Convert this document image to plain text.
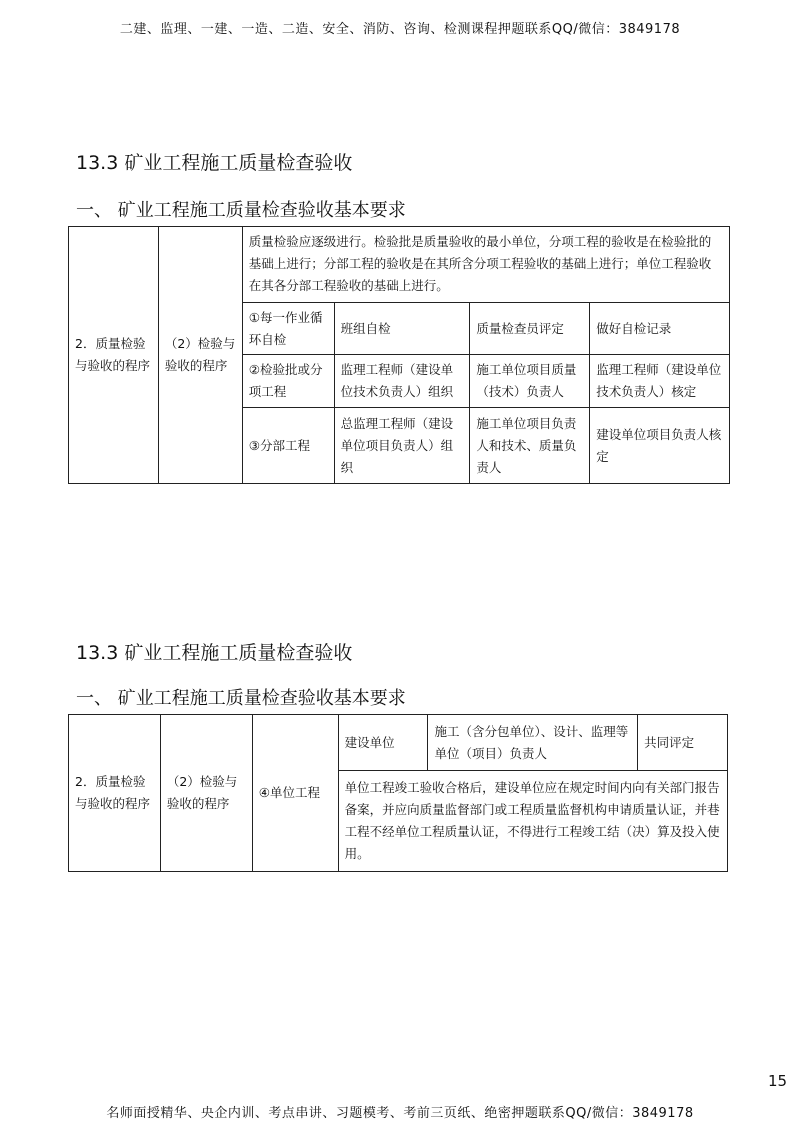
二建、监理、一建、一造、二造、安全、消防、咨询、检测课程押题联系QQ/微信：3849178
13.3 矿业工程施工质量检查验收
一、 矿业工程施工质量检查验收基本要求
2．质量检验与验收的程序	（2）检验与验收的程序	质量检验应逐级进行。检验批是质量验收的最小单位，分项工程的验收是在检验批的基础上进行；分部工程的验收是在其所含分项工程验收的基础上进行；单位工程验收在其各分部工程验收的基础上进行。			
		①每一作业循环自检	班组自检	质量检查员评定	做好自检记录
		②检验批或分项工程	监理工程师（建设单位技术负责人）组织	施工单位项目质量（技术）负责人	监理工程师（建设单位技术负责人）核定
		③分部工程	总监理工程师（建设单位项目负责人）组织	施工单位项目负责人和技术、质量负责人	建设单位项目负责人核定
13.3 矿业工程施工质量检查验收
一、 矿业工程施工质量检查验收基本要求
2．质量检验与验收的程序	（2）检验与验收的程序	④单位工程	建设单位	施工（含分包单位）、设计、监理等单位（项目）负责人	共同评定
单位工程竣工验收合格后，建设单位应在规定时间内向有关部门报告备案，并应向质量监督部门或工程质量监督机构申请质量认证，并巷工程不经单位工程质量认证，不得进行工程竣工结（决）算及投入使用。
15
名师面授精华、央企内训、考点串讲、习题模考、考前三页纸、绝密押题联系QQ/微信：3849178
